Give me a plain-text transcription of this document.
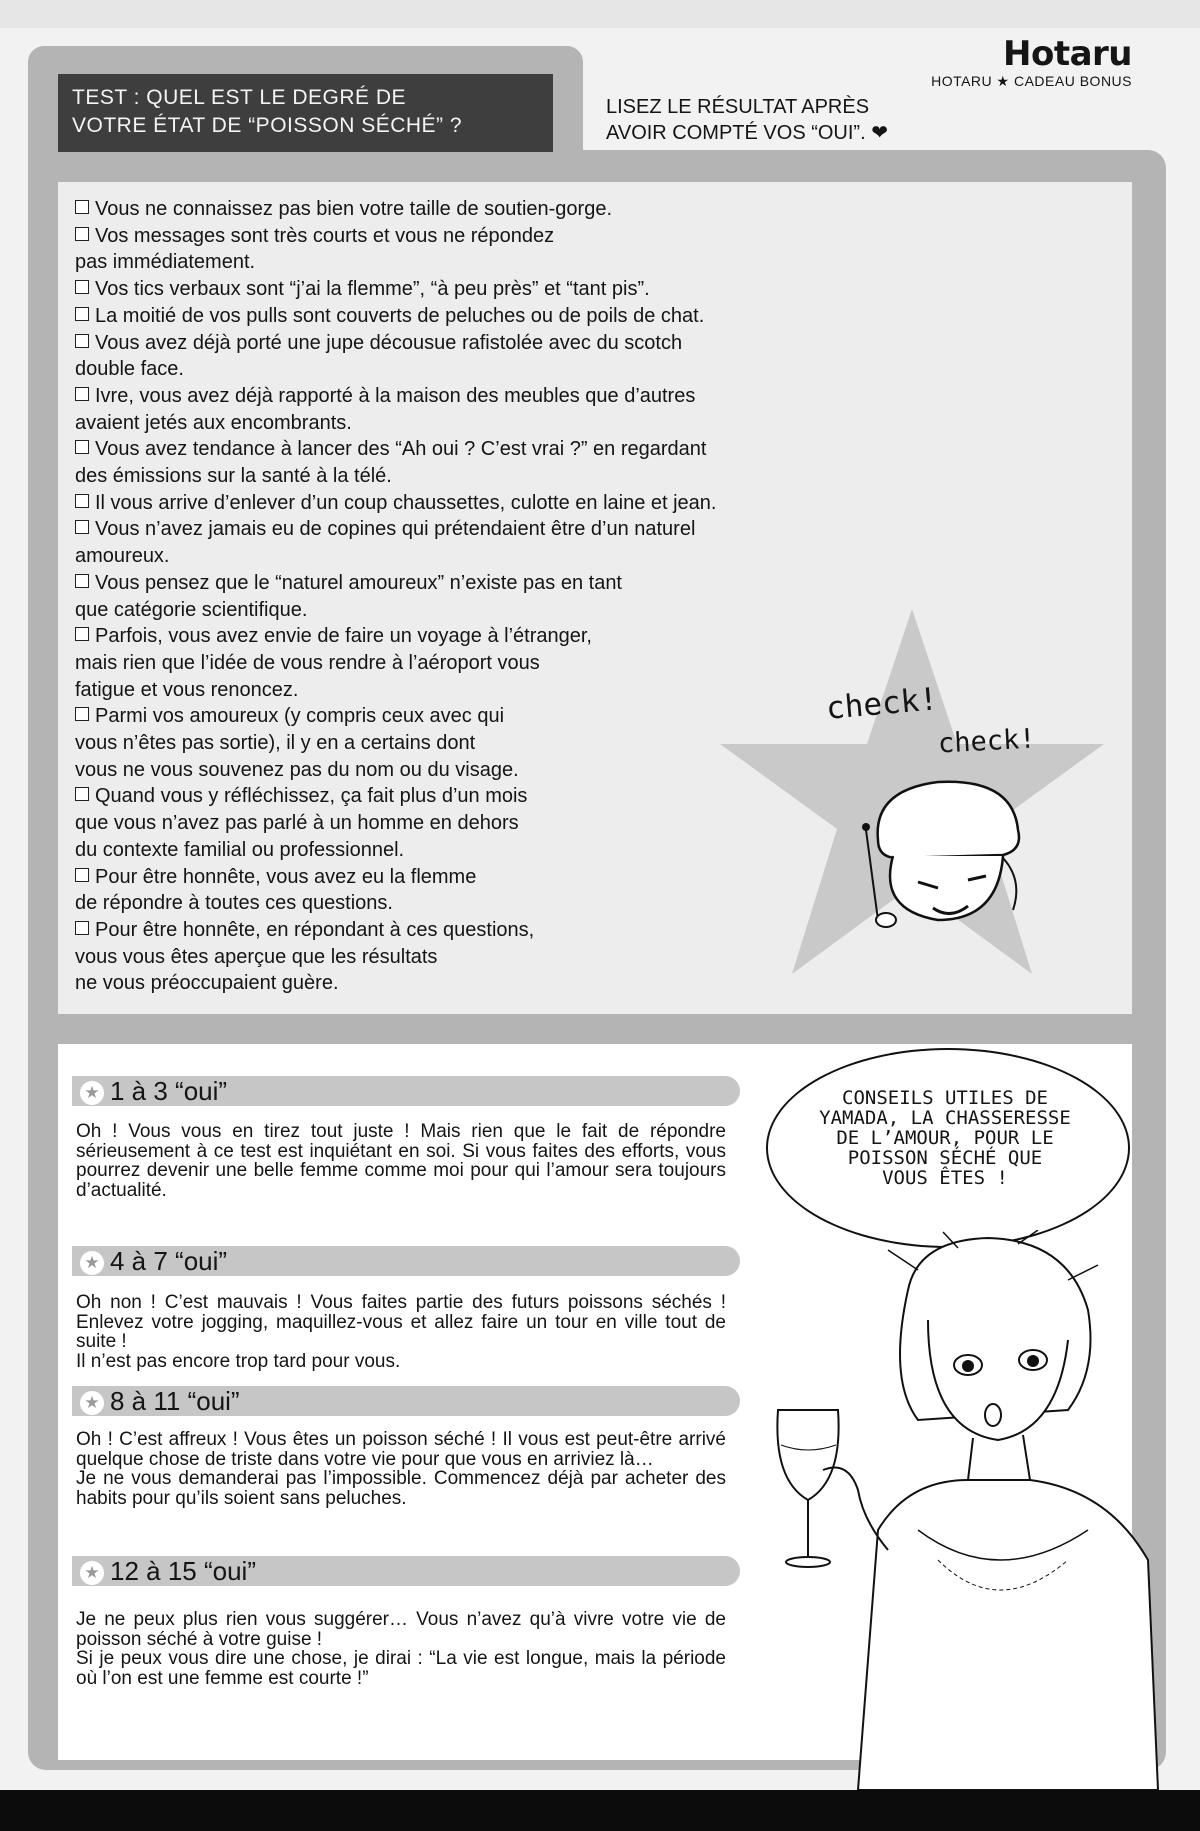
TEST : QUEL EST LE DEGRÉ DE
VOTRE ÉTAT DE “POISSON SÉCHÉ” ?
Hotaru
HOTARU ★ CADEAU BONUS
LISEZ LE RÉSULTAT APRÈS
AVOIR COMPTÉ VOS “OUI”. ❤
Vous ne connaissez pas bien votre taille de soutien-gorge.
Vos messages sont très courts et vous ne répondez
pas immédiatement.
Vos tics verbaux sont “j’ai la flemme”, “à peu près” et “tant pis”.
La moitié de vos pulls sont couverts de peluches ou de poils de chat.
Vous avez déjà porté une jupe décousue rafistolée avec du scotch
double face.
Ivre, vous avez déjà rapporté à la maison des meubles que d’autres
avaient jetés aux encombrants.
Vous avez tendance à lancer des “Ah oui ? C’est vrai ?” en regardant
des émissions sur la santé à la télé.
Il vous arrive d’enlever d’un coup chaussettes, culotte en laine et jean.
Vous n’avez jamais eu de copines qui prétendaient être d’un naturel
amoureux.
Vous pensez que le “naturel amoureux” n’existe pas en tant
que catégorie scientifique.
Parfois, vous avez envie de faire un voyage à l’étranger,
mais rien que l’idée de vous rendre à l’aéroport vous
fatigue et vous renoncez.
Parmi vos amoureux (y compris ceux avec qui
vous n’êtes pas sortie), il y en a certains dont
vous ne vous souvenez pas du nom ou du visage.
Quand vous y réfléchissez, ça fait plus d’un mois
que vous n’avez pas parlé à un homme en dehors
du contexte familial ou professionnel.
Pour être honnête, vous avez eu la flemme
de répondre à toutes ces questions.
Pour être honnête, en répondant à ces questions,
vous vous êtes aperçue que les résultats
ne vous préoccupaient guère.
check!
check!
★ 1 à 3 “oui”
Oh ! Vous vous en tirez tout juste ! Mais rien que le fait de répondre sérieusement à ce test est inquiétant en soi. Si vous faites des efforts, vous pourrez devenir une belle femme comme moi pour qui l’amour sera toujours d’actualité.
★ 4 à 7 “oui”
Oh non ! C’est mauvais ! Vous faites partie des futurs poissons séchés ! Enlevez votre jogging, maquillez-vous et allez faire un tour en ville tout de suite !
Il n’est pas encore trop tard pour vous.
★ 8 à 11 “oui”
Oh ! C’est affreux ! Vous êtes un poisson séché ! Il vous est peut-être arrivé quelque chose de triste dans votre vie pour que vous en arriviez là…
Je ne vous demanderai pas l’impossible. Commencez déjà par acheter des habits pour qu’ils soient sans peluches.
★ 12 à 15 “oui”
Je ne peux plus rien vous suggérer… Vous n’avez qu’à vivre votre vie de poisson séché à votre guise !
Si je peux vous dire une chose, je dirai : “La vie est longue, mais la période où l’on est une femme est courte !”
CONSEILS UTILES DE
YAMADA, LA CHASSERESSE
DE L’AMOUR, POUR LE
POISSON SÉCHÉ QUE
VOUS ÊTES !
